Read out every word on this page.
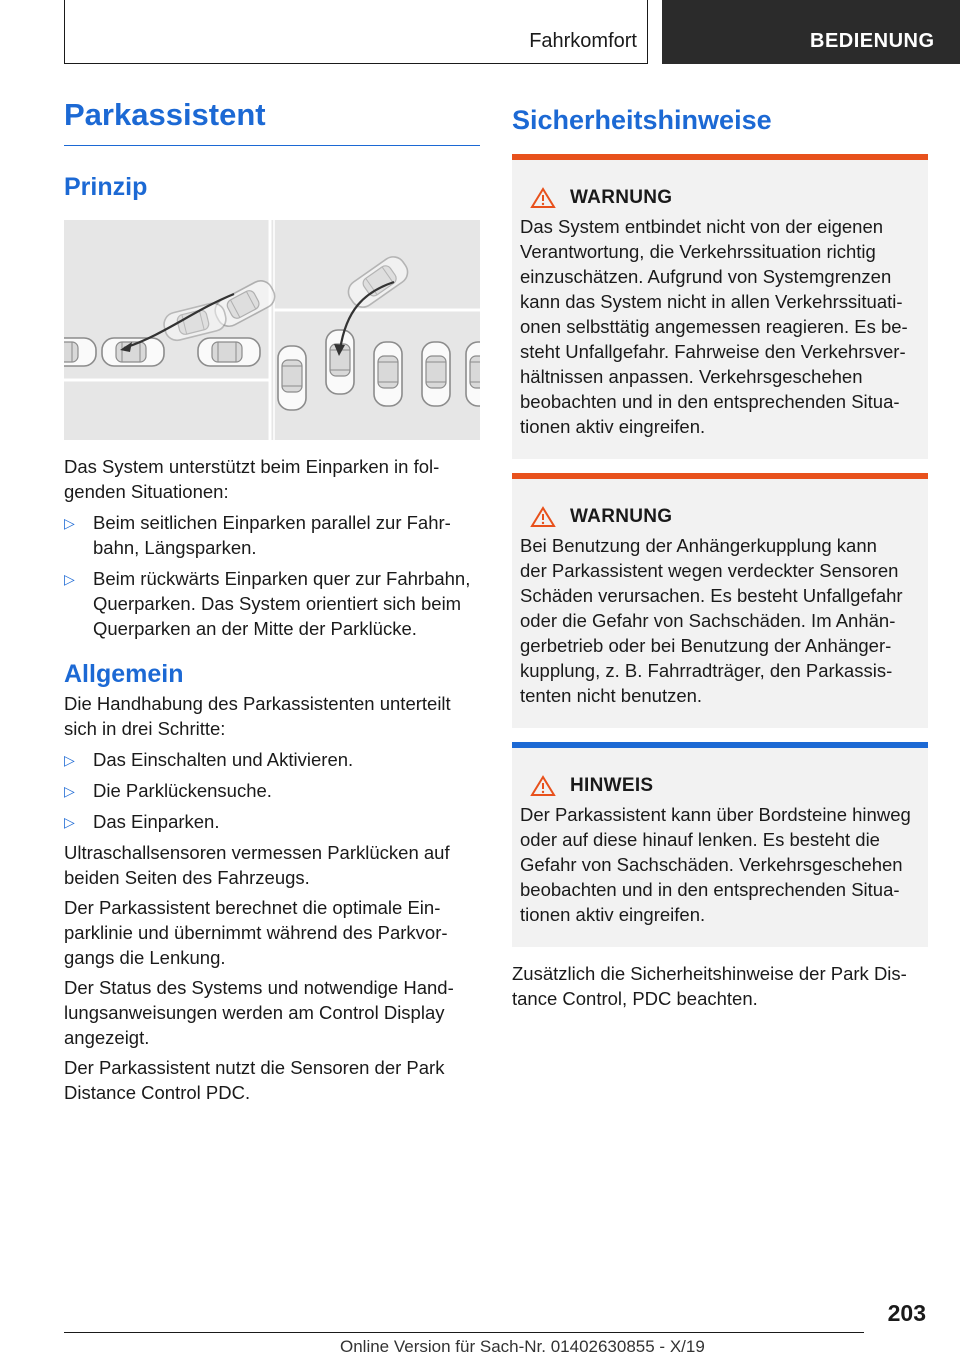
Fahrkomfort	BEDIENUNG
Parkassistent
Prinzip

Das System unterstützt beim Einparken in fol-
genden Situationen:

▷ Beim seitlichen Einparken parallel zur Fahr-
bahn, Längsparken.
▷ Beim rückwärts Einparken quer zur Fahrbahn,
Querparken. Das System orientiert sich beim
Querparken an der Mitte der Parklücke.
Allgemein

Die Handhabung des Parkassistenten unterteilt
sich in drei Schritte:

▷ Das Einschalten und Aktivieren.
▷ Die Parklückensuche.
▷ Das Einparken.

Ultraschallsensoren vermessen Parklücken auf
beiden Seiten des Fahrzeugs.

Der Parkassistent berechnet die optimale Ein-
parklinie und übernimmt während des Parkvor-
gangs die Lenkung.

Der Status des Systems und notwendige Hand-
lungsanweisungen werden am Control Display
angezeigt.

Der Parkassistent nutzt die Sensoren der Park
Distance Control PDC.

Sicherheitshinweise
WARNUNG

Das System entbindet nicht von der eigenen
Verantwortung, die Verkehrssituation richtig
einzuschätzen. Aufgrund von Systemgrenzen
kann das System nicht in allen Verkehrssituati-
onen selbsttätig angemessen reagieren. Es be-
steht Unfallgefahr. Fahrweise den Verkehrsver-
hältnissen anpassen. Verkehrsgeschehen
beobachten und in den entsprechenden Situa-
tionen aktiv eingreifen.

WARNUNG

Bei Benutzung der Anhängerkupplung kann
der Parkassistent wegen verdeckter Sensoren
Schäden verursachen. Es besteht Unfallgefahr
oder die Gefahr von Sachschäden. Im Anhän-
gerbetrieb oder bei Benutzung der Anhänger-
kupplung, z. B. Fahrradträger, den Parkassis-
tenten nicht benutzen.

HINWEIS

Der Parkassistent kann über Bordsteine hinweg
oder auf diese hinauf lenken. Es besteht die
Gefahr von Sachschäden. Verkehrsgeschehen
beobachten und in den entsprechenden Situa-
tionen aktiv eingreifen.

Zusätzlich die Sicherheitshinweise der Park Dis-
tance Control, PDC beachten.

203
Online Version für Sach-Nr. 01402630855 - X/19
